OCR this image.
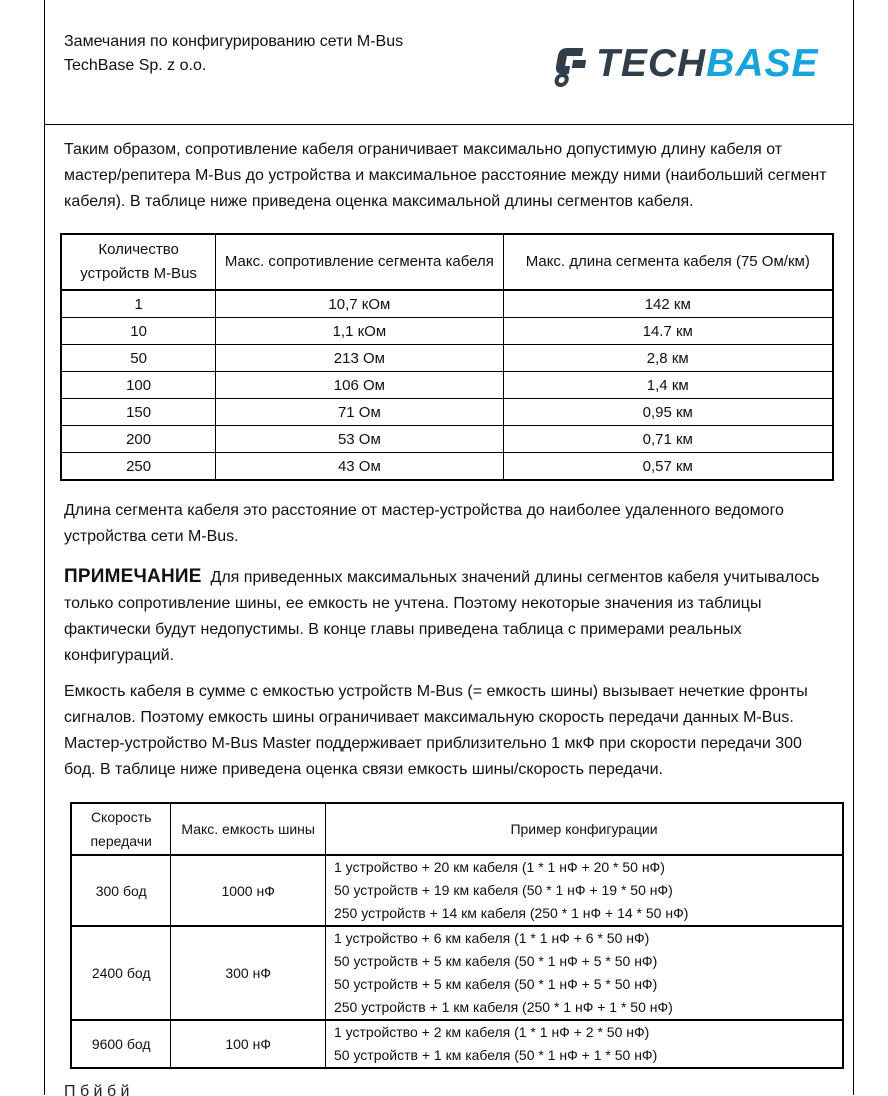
Замечания по конфигурированию сети M-Bus
TechBase Sp. z o.o.	TECHBASE

Таким образом, сопротивление кабеля ограничивает максимально допустимую длину кабеля от мастер/репитера M-Bus до устройства и максимальное расстояние между ними (наибольший сегмент кабеля). В таблице ниже приведена оценка максимальной длины сегментов кабеля.

Количество устройств M-Bus	Макс. сопротивление сегмента кабеля	Макс. длина сегмента кабеля (75 Ом/км)
1	10,7 кОм	142 км
10	1,1 кОм	14.7 км
50	213 Ом	2,8 км
100	106 Ом	1,4 км
150	71 Ом	0,95 км
200	53 Ом	0,71 км
250	43 Ом	0,57 км

Длина сегмента кабеля это расстояние от мастер-устройства до наиболее удаленного ведомого устройства сети M-Bus.

ПРИМЕЧАНИЕ Для приведенных максимальных значений длины сегментов кабеля учитывалось только сопротивление шины, ее емкость не учтена. Поэтому некоторые значения из таблицы фактически будут недопустимы. В конце главы приведена таблица с примерами реальных конфигураций.

Емкость кабеля в сумме с емкостью устройств M-Bus (= емкость шины) вызывает нечеткие фронты сигналов. Поэтому емкость шины ограничивает максимальную скорость передачи данных M-Bus. Мастер-устройство M-Bus Master поддерживает приблизительно 1 мкФ при скорости передачи 300 бод. В таблице ниже приведена оценка связи емкость шины/скорость передачи.

Скорость передачи	Макс. емкость шины	Пример конфигурации
300 бод	1000 нФ	1 устройство + 20 км кабеля (1 * 1 нФ + 20 * 50 нФ)
50 устройств + 19 км кабеля (50 * 1 нФ + 19 * 50 нФ)
250 устройств + 14 км кабеля (250 * 1 нФ + 14 * 50 нФ)

2400 бод	300 нФ	1 устройство + 6 км кабеля (1 * 1 нФ + 6 * 50 нФ)
50 устройств + 5 км кабеля (50 * 1 нФ + 5 * 50 нФ)
50 устройств + 5 км кабеля (50 * 1 нФ + 5 * 50 нФ)
250 устройств + 1 км кабеля (250 * 1 нФ + 1 * 50 нФ)

9600 бод	100 нФ	1 устройство + 2 км кабеля (1 * 1 нФ + 2 * 50 нФ)
50 устройств + 1 км кабеля (50 * 1 нФ + 1 * 50 нФ)
П б й б й
